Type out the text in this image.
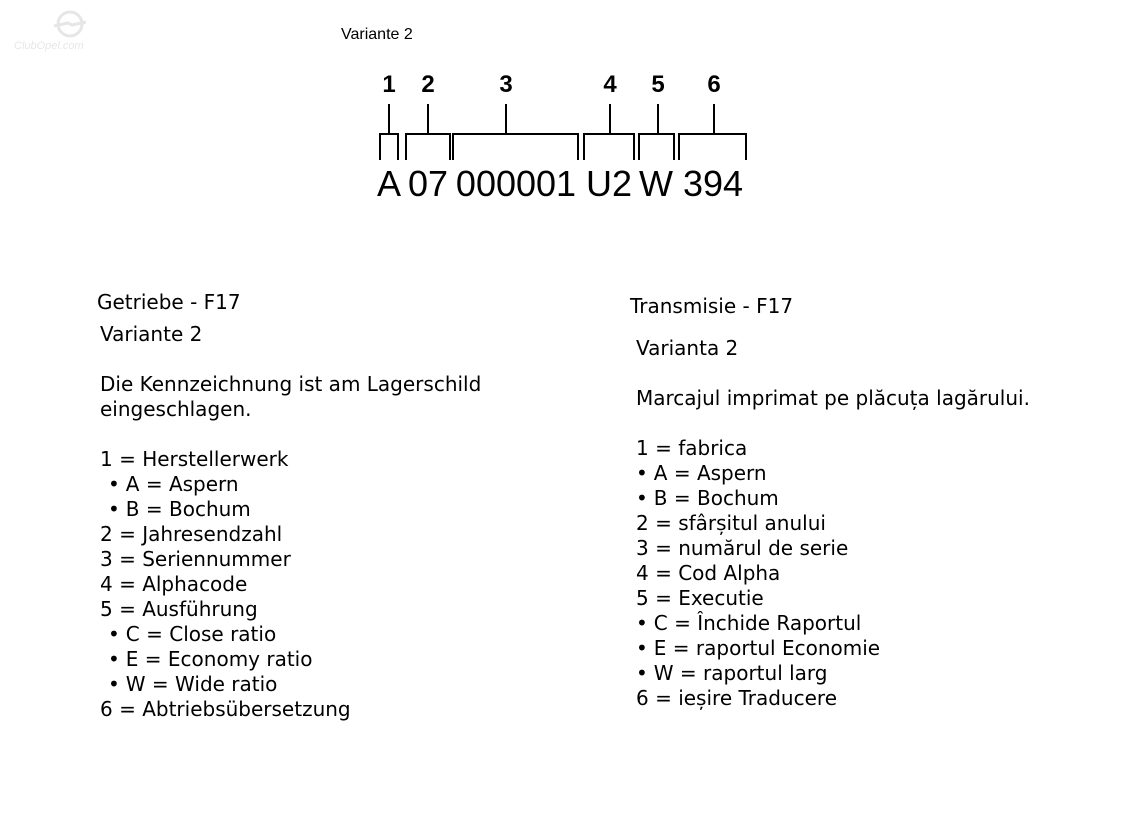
ClubOpel.com
Variante 2
1 2	3	4 5 6
A 07 000001 U2 W 394
Getriebe - F17
Variante 2
Die Kennzeichnung ist am Lagerschild
eingeschlagen.
1 = Herstellerwerk
• A = Aspern
• B = Bochum
2 = Jahresendzahl
3 = Seriennummer
4 = Alphacode
5 = Ausführung
• C = Close ratio
• E = Economy ratio
• W = Wide ratio
6 = Abtriebsübersetzung
Transmisie - F17
Varianta 2
Marcajul imprimat pe plăcuța lagărului.
1 = fabrica
• A = Aspern
• B = Bochum
2 = sfârșitul anului
3 = numărul de serie
4 = Cod Alpha
5 = Executie
• C = Închide Raportul
• E = raportul Economie
• W = raportul larg
6 = ieșire Traducere
